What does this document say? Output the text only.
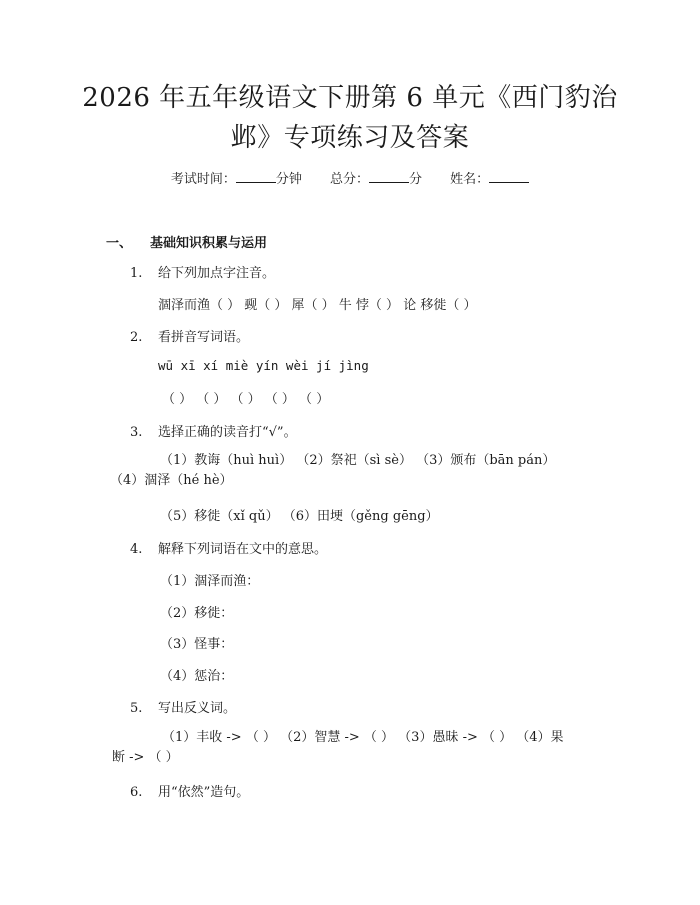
2026 年五年级语文下册第 6 单元《西门豹治
邺》专项练习及答案
考试时间：	分钟 总分：	分 姓名：
一、 基础知识积累与运用
1. 给下列加点字注音。
涸泽而渔（ ） 觋（ ） 犀（ ） 牛 悖（ ） 论 移徙（ ）
2. 看拼音写词语。
wū xī xí miè yín wèi jí jìng
（ ） （ ） （ ） （ ） （ ）
3. 选择正确的读音打“√”。
（1）教诲（huì huì） （2）祭祀（sì sè） （3）颁布（bān pán）
（4）涸泽（hé hè）
（5）移徙（xǐ qǔ） （6）田埂（gěng gēng）
4. 解释下列词语在文中的意思。
（1）涸泽而渔：
（2）移徙：
（3）怪事：
（4）惩治：
5. 写出反义词。
（1）丰收 -> （ ） （2）智慧 -> （ ） （3）愚昧 -> （ ） （4）果
断 -> （ ）
6. 用“依然”造句。
